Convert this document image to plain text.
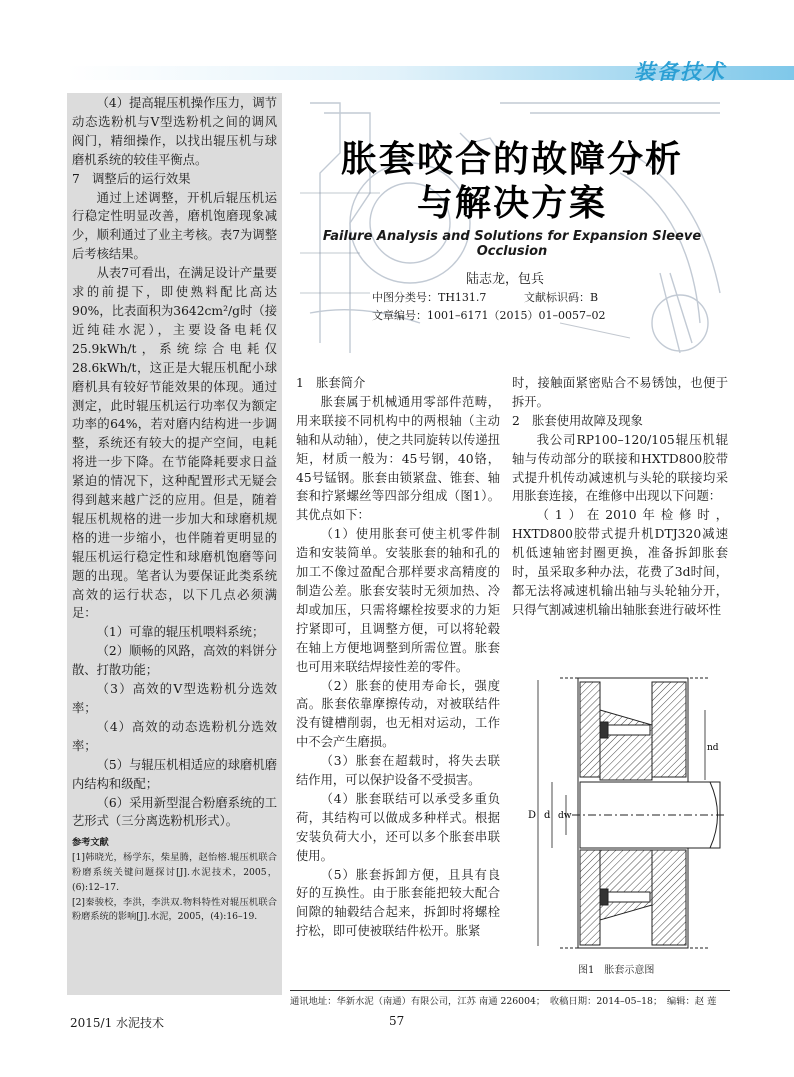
装备技术

（4）提高辊压机操作压力，调节动态选粉机与V型选粉机之间的调风阀门，精细操作，以找出辊压机与球磨机系统的较佳平衡点。

7　调整后的运行效果

通过上述调整，开机后辊压机运行稳定性明显改善，磨机饱磨现象减少，顺利通过了业主考核。表7为调整后考核结果。

从表7可看出，在满足设计产量要求的前提下，即使熟料配比高达90%，比表面积为3642cm²/g时（接近纯硅水泥），主要设备电耗仅25.9kWh/t，系统综合电耗仅28.6kWh/t，这正是大辊压机配小球磨机具有较好节能效果的体现。通过测定，此时辊压机运行功率仅为额定功率的64%，若对磨内结构进一步调整，系统还有较大的提产空间，电耗将进一步下降。在节能降耗要求日益紧迫的情况下，这种配置形式无疑会得到越来越广泛的应用。但是，随着辊压机规格的进一步加大和球磨机规格的进一步缩小，也伴随着更明显的辊压机运行稳定性和球磨机饱磨等问题的出现。笔者认为要保证此类系统高效的运行状态，以下几点必须满足：

（1）可靠的辊压机喂料系统；

（2）顺畅的风路，高效的料饼分散、打散功能；

（3）高效的V型选粉机分选效率；

（4）高效的动态选粉机分选效率；

（5）与辊压机相适应的球磨机磨内结构和级配；

（6）采用新型混合粉磨系统的工艺形式（三分离选粉机形式）。

参考文献

[1]韩晓光，杨学东，柴星腾，赵怡榕.辊压机联合粉磨系统关键问题探讨[J].水泥技术，2005，(6):12–17.

[2]秦骏校，李洪，李洪双.物料特性对辊压机联合粉磨系统的影响[J].水泥，2005，(4):16–19.

胀套咬合的故障分析
与解决方案
Failure Analysis and Solutions for Expansion Sleeve Occlusion
陆志龙，包兵
中图分类号：TH131.7	文献标识码：B
文章编号：1001–6171（2015）01–0057–02

1　胀套简介

胀套属于机械通用零部件范畴，用来联接不同机构中的两根轴（主动轴和从动轴），使之共同旋转以传递扭矩，材质一般为：45号钢，40铬，45号锰钢。胀套由锁紧盘、锥套、轴套和拧紧螺丝等四部分组成（图1）。其优点如下：

（1）使用胀套可使主机零件制造和安装简单。安装胀套的轴和孔的加工不像过盈配合那样要求高精度的制造公差。胀套安装时无须加热、冷却或加压，只需将螺栓按要求的力矩拧紧即可，且调整方便，可以将轮毂在轴上方便地调整到所需位置。胀套也可用来联结焊接性差的零件。

（2）胀套的使用寿命长，强度高。胀套依靠摩擦传动，对被联结件没有键槽削弱，也无相对运动，工作中不会产生磨损。

（3）胀套在超载时，将失去联结作用，可以保护设备不受损害。

（4）胀套联结可以承受多重负荷，其结构可以做成多种样式。根据安装负荷大小，还可以多个胀套串联使用。

（5）胀套拆卸方便，且具有良好的互换性。由于胀套能把较大配合间隙的轴毂结合起来，拆卸时将螺栓拧松，即可使被联结件松开。胀紧

时，接触面紧密贴合不易锈蚀，也便于拆开。

2　胀套使用故障及现象

我公司RP100–120/105辊压机辊轴与传动部分的联接和HXTD800胶带式提升机传动减速机与头轮的联接均采用胀套连接，在维修中出现以下问题：

（1）在2010年检修时，HXTD800胶带式提升机DTJ320减速机低速轴密封圈更换，准备拆卸胀套时，虽采取多种办法，花费了3d时间，都无法将减速机输出轴与头轮轴分开，只得气割减速机输出轴胀套进行破坏性

D d dw
nd
图1　胀套示意图
通讯地址：华新水泥（南通）有限公司，江苏 南通 226004；　收稿日期：2014–05–18；　编辑：赵 莲
2015/1 水泥技术	57
